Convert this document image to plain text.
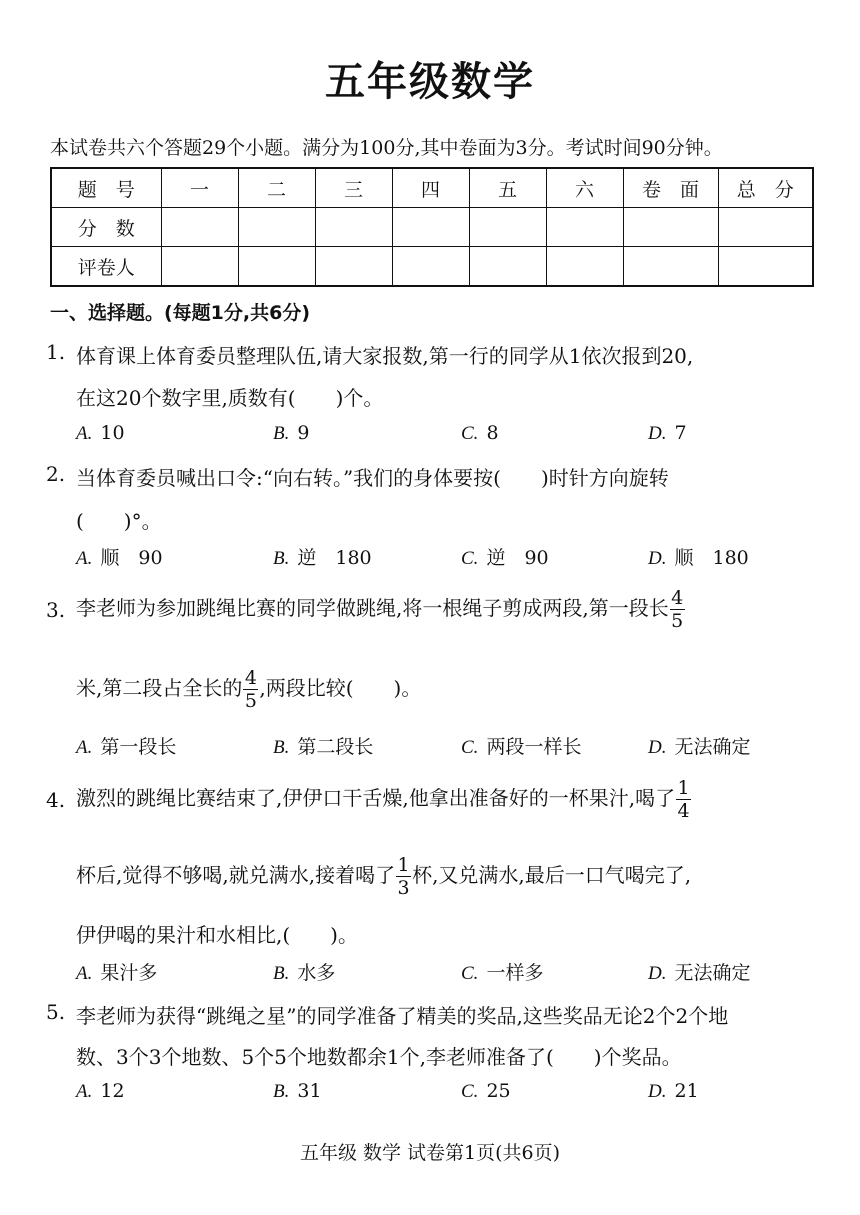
五年级数学
本试卷共六个答题29个小题。满分为100分,其中卷面为3分。考试时间90分钟。
题　号	一	二	三	四	五	六	卷　面	总　分
分　数								
评卷人								
一、选择题。(每题1分,共6分)
1. 体育课上体育委员整理队伍,请大家报数,第一行的同学从1依次报到20,
在这20个数字里,质数有(　　)个。
A. 10	B. 9	C. 8	D. 7
2. 当体育委员喊出口令:“向右转。”我们的身体要按(　　)时针方向旋转
(　　)°。
A. 顺　90	B. 逆　180	C. 逆　90	D. 顺　180
3. 李老师为参加跳绳比赛的同学做跳绳,将一根绳子剪成两段,第一段长 $\frac{4}{5}$
米,第二段占全长的 $\frac{4}{5}$ ,两段比较(　　)。
A. 第一段长	B. 第二段长	C. 两段一样长	D. 无法确定
4. 激烈的跳绳比赛结束了,伊伊口干舌燥,他拿出准备好的一杯果汁,喝了 $\frac{1}{4}$
杯后,觉得不够喝,就兑满水,接着喝了 $\frac{1}{3}$ 杯,又兑满水,最后一口气喝完了,
伊伊喝的果汁和水相比,(　　)。
A. 果汁多	B. 水多	C. 一样多	D. 无法确定
5. 李老师为获得“跳绳之星”的同学准备了精美的奖品,这些奖品无论2个2个地
数、3个3个地数、5个5个地数都余1个,李老师准备了(　　)个奖品。
A. 12	B. 31	C. 25	D. 21
五年级 数学 试卷第1页(共6页)
